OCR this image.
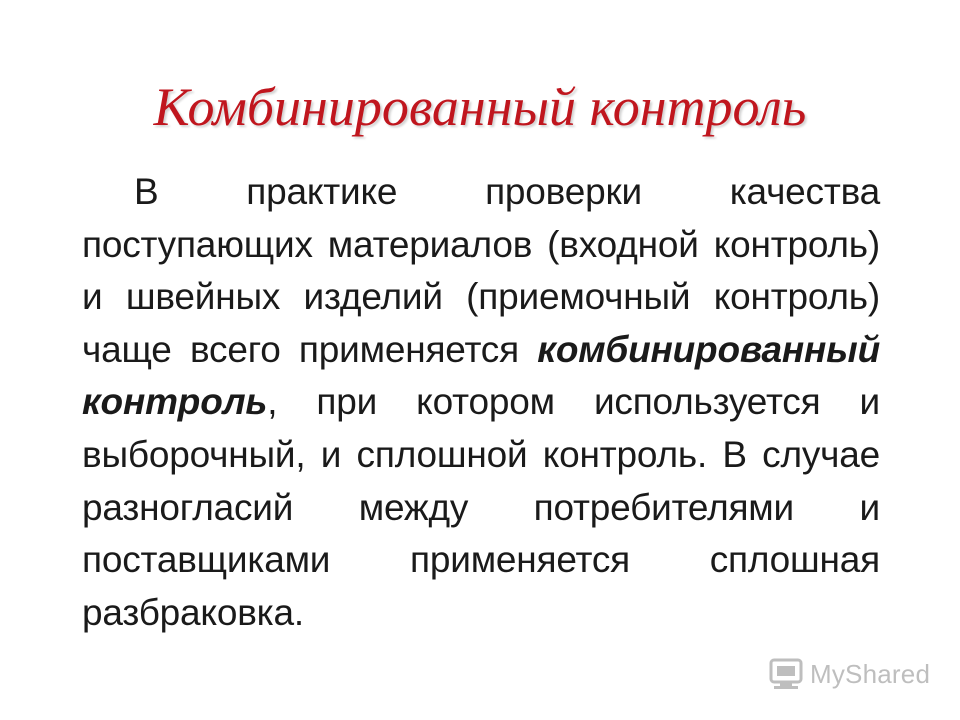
Комбинированный контроль

В практике проверки качества поступающих материалов (входной контроль) и швейных изделий (приемочный контроль) чаще всего применяется комбинированный контроль, при котором используется и выборочный, и сплошной контроль. В случае разногласий между потребителями и поставщиками применяется сплошная разбраковка.

MyShared
